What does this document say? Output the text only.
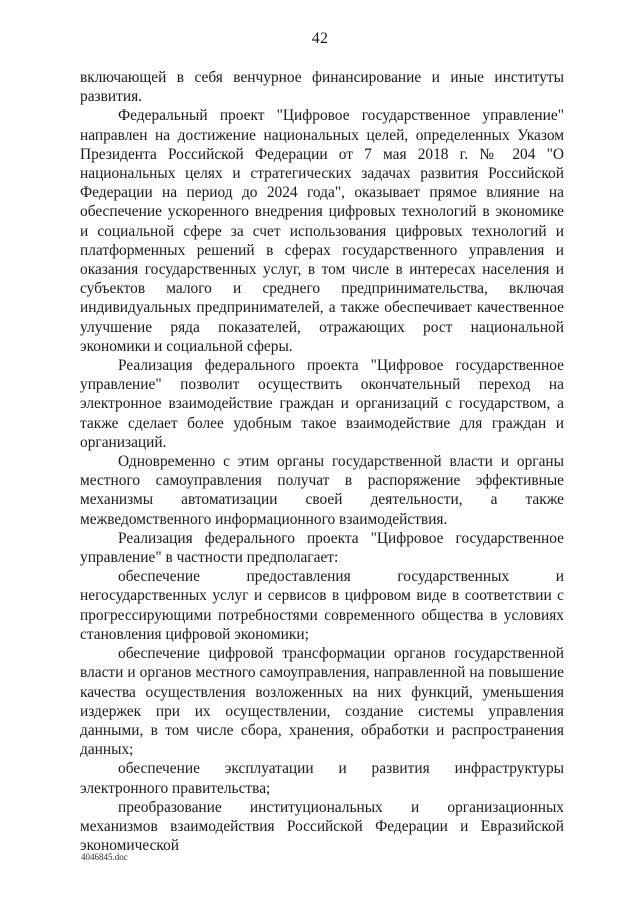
42

включающей в себя венчурное финансирование и иные институты развития.

Федеральный проект "Цифровое государственное управление" направлен на достижение национальных целей, определенных Указом Президента Российской Федерации от 7 мая 2018 г. № 204 "О национальных целях и стратегических задачах развития Российской Федерации на период до 2024 года", оказывает прямое влияние на обеспечение ускоренного внедрения цифровых технологий в экономике и социальной сфере за счет использования цифровых технологий и платформенных решений в сферах государственного управления и оказания государственных услуг, в том числе в интересах населения и субъектов малого и среднего предпринимательства, включая индивидуальных предпринимателей, а также обеспечивает качественное улучшение ряда показателей, отражающих рост национальной экономики и социальной сферы.

Реализация федерального проекта "Цифровое государственное управление" позволит осуществить окончательный переход на электронное взаимодействие граждан и организаций с государством, а также сделает более удобным такое взаимодействие для граждан и организаций.

Одновременно с этим органы государственной власти и органы местного самоуправления получат в распоряжение эффективные механизмы автоматизации своей деятельности, а также межведомственного информационного взаимодействия.

Реализация федерального проекта "Цифровое государственное управление" в частности предполагает:

обеспечение предоставления государственных и негосударственных услуг и сервисов в цифровом виде в соответствии с прогрессирующими потребностями современного общества в условиях становления цифровой экономики;

обеспечение цифровой трансформации органов государственной власти и органов местного самоуправления, направленной на повышение качества осуществления возложенных на них функций, уменьшения издержек при их осуществлении, создание системы управления данными, в том числе сбора, хранения, обработки и распространения данных;

обеспечение эксплуатации и развития инфраструктуры электронного правительства;

преобразование институциональных и организационных механизмов взаимодействия Российской Федерации и Евразийской экономической

4046845.doc
